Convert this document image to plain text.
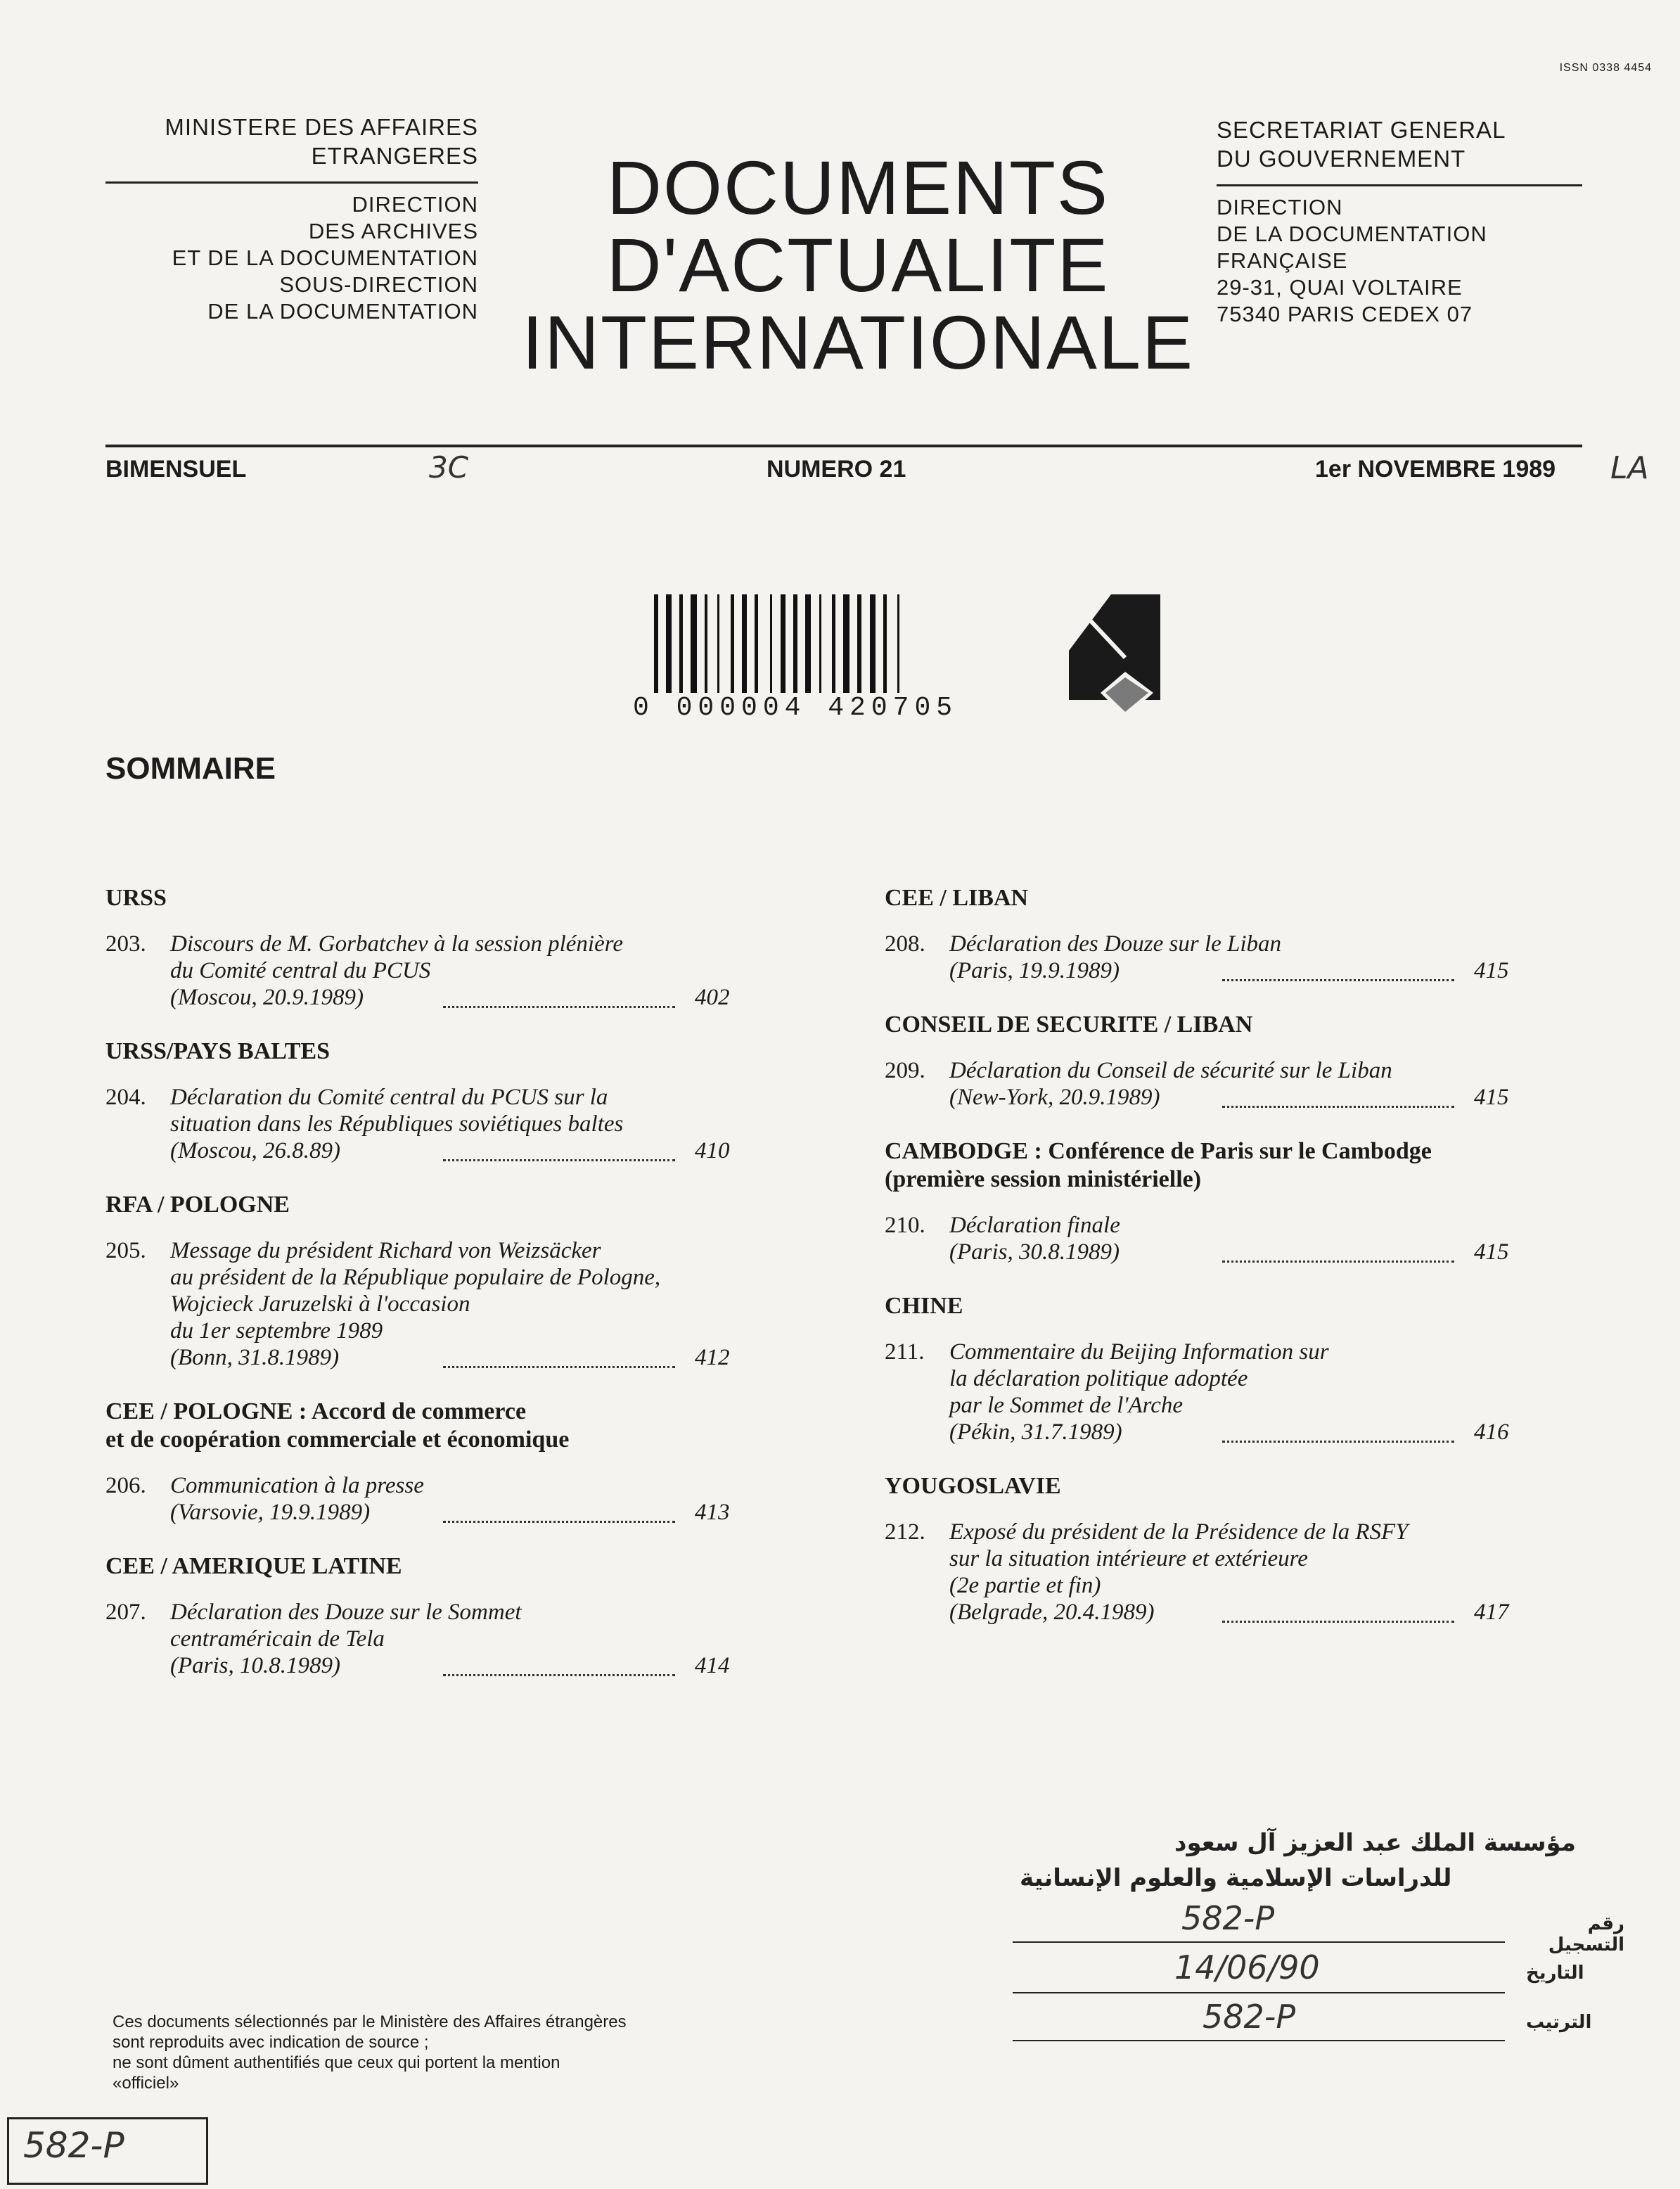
ISSN 0338 4454
MINISTERE DES AFFAIRES
ETRANGERES
DIRECTION
DES ARCHIVES
ET DE LA DOCUMENTATION
SOUS-DIRECTION
DE LA DOCUMENTATION
DOCUMENTS
D'ACTUALITE
INTERNATIONALE
SECRETARIAT GENERAL
DU GOUVERNEMENT
DIRECTION
DE LA DOCUMENTATION
FRANÇAISE
29-31, QUAI VOLTAIRE
75340 PARIS CEDEX 07
BIMENSUEL	3C	NUMERO 21	1er NOVEMBRE 1989 LA
0 000004 420705
SOMMAIRE
URSS
203. Discours de M. Gorbatchev à la session plénière
du Comité central du PCUS
(Moscou, 20.9.1989)	402
URSS/PAYS BALTES
204. Déclaration du Comité central du PCUS sur la
situation dans les Républiques soviétiques baltes
(Moscou, 26.8.89)	410
RFA / POLOGNE
205. Message du président Richard von Weizsäcker
au président de la République populaire de Pologne,
Wojcieck Jaruzelski à l'occasion
du 1er septembre 1989
(Bonn, 31.8.1989)	412
CEE / POLOGNE : Accord de commerce
et de coopération commerciale et économique
206. Communication à la presse
(Varsovie, 19.9.1989)	413
CEE / AMERIQUE LATINE
207. Déclaration des Douze sur le Sommet
centraméricain de Tela
(Paris, 10.8.1989)	414
CEE / LIBAN
208. Déclaration des Douze sur le Liban
(Paris, 19.9.1989)	415
CONSEIL DE SECURITE / LIBAN
209. Déclaration du Conseil de sécurité sur le Liban
(New-York, 20.9.1989)	415
CAMBODGE : Conférence de Paris sur le Cambodge
(première session ministérielle)
210. Déclaration finale
(Paris, 30.8.1989)	415
CHINE
211. Commentaire du Beijing Information sur
la déclaration politique adoptée
par le Sommet de l'Arche
(Pékin, 31.7.1989)	416
YOUGOSLAVIE
212. Exposé du président de la Présidence de la RSFY
sur la situation intérieure et extérieure
(2e partie et fin)
(Belgrade, 20.4.1989)	417
Ces documents sélectionnés par le Ministère des Affaires étrangères
sont reproduits avec indication de source ;
ne sont dûment authentifiés que ceux qui portent la mention
«officiel»
مؤسسة الملك عبد العزيز آل سعود
للدراسات الإسلامية والعلوم الإنسانية
رقم التسجيل
582-P
التاريخ
14/06/90
الترتيب
582-P
582-P
